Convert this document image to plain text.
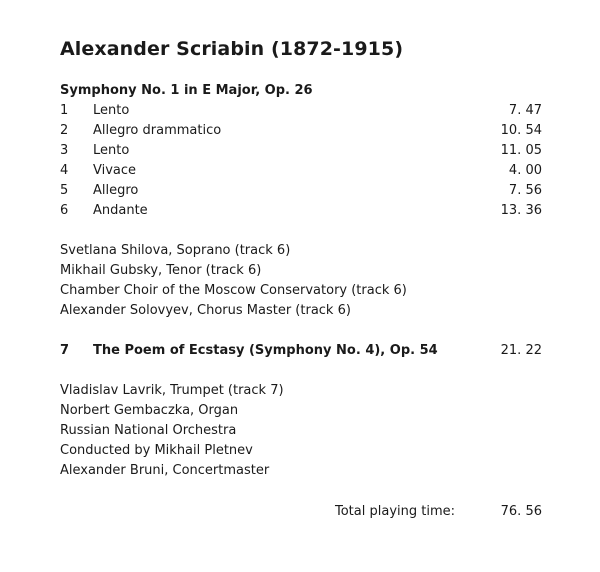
Alexander Scriabin (1872-1915)
Symphony No. 1 in E Major, Op. 26
1 Lento	7. 47
2 Allegro drammatico	10. 54
3 Lento	11. 05
4 Vivace	4. 00
5 Allegro	7. 56
6 Andante	13. 36
Svetlana Shilova, Soprano (track 6)
Mikhail Gubsky, Tenor (track 6)
Chamber Choir of the Moscow Conservatory (track 6)
Alexander Solovyev, Chorus Master (track 6)
7 The Poem of Ecstasy (Symphony No. 4), Op. 54	21. 22
Vladislav Lavrik, Trumpet (track 7)
Norbert Gembaczka, Organ
Russian National Orchestra
Conducted by Mikhail Pletnev
Alexander Bruni, Concertmaster
Total playing time:	76. 56
